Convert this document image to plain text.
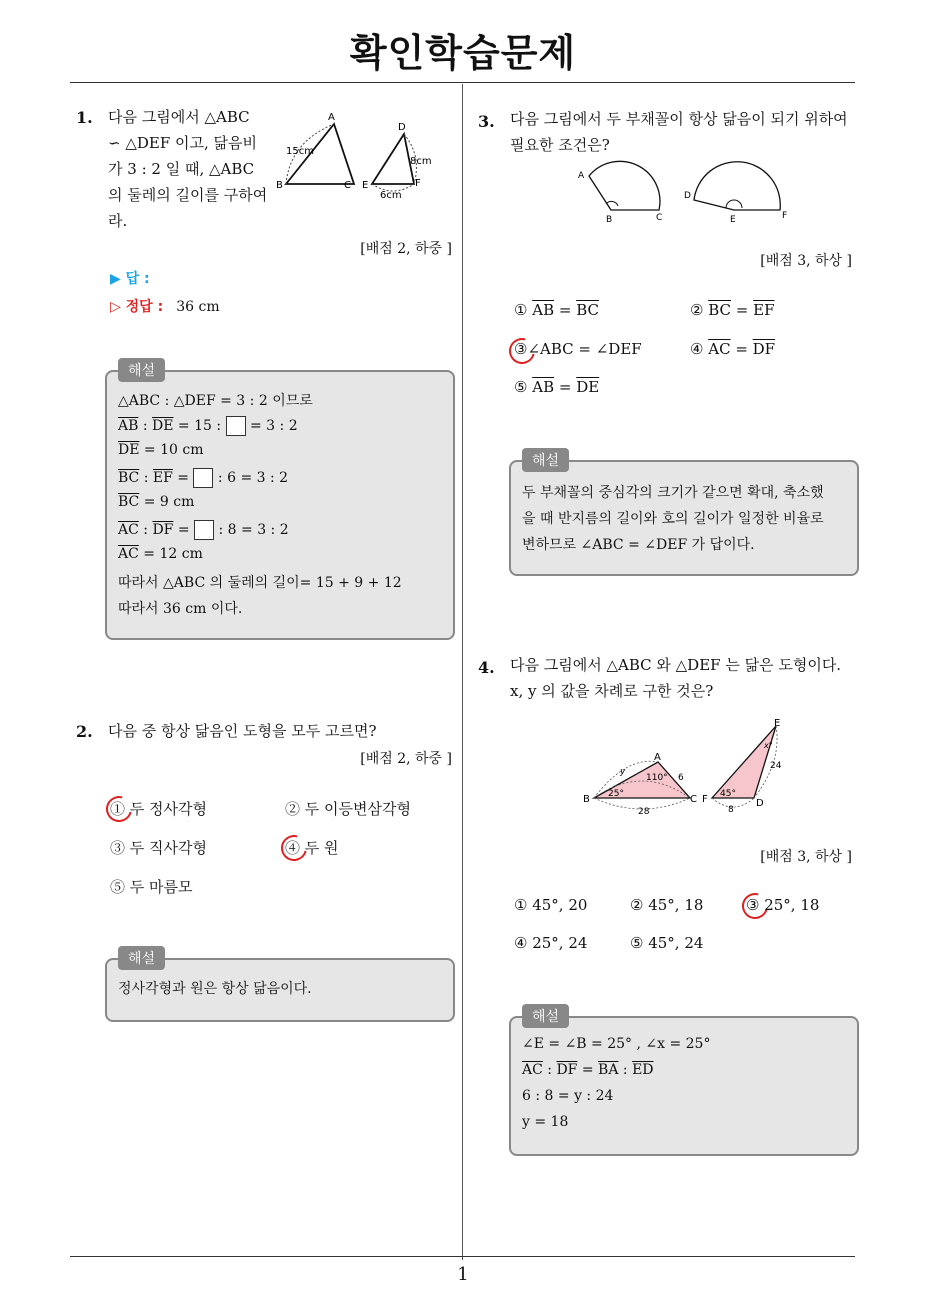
확인학습문제
1
1. 다음 그림에서 △ABC
∽ △DEF 이고, 닮음비
가 3 : 2 일 때, △ABC
의 둘레의 길이를 구하여
라.
A
B	C
D
E	F
15cm
8cm
6cm
[배점 2, 하중 ]
▶ 답 :
▷ 정답 : 36 cm
해설
△ABC : △DEF = 3 : 2 이므로
$\overline{AB}$ : $\overline{DE} = 15$ :  = 3 : 2
$\overline{DE} = 10$ cm
$\overline{BC}$ : $\overline{EF}$ =  : 6 = 3 : 2
$\overline{BC} = 9$ cm
$\overline{AC}$ : $\overline{DF}$ =  : 8 = 3 : 2
$\overline{AC} = 12$ cm
따라서 △ABC 의 둘레의 길이= 15 + 9 + 12
따라서 36 cm 이다.
2. 다음 중 항상 닮음인 도형을 모두 고르면?
[배점 2, 하중 ]
① 두 정사각형	② 두 이등변삼각형
③ 두 직사각형	④ 두 원
⑤ 두 마름모
해설
정사각형과 원은 항상 닮음이다.
3. 다음 그림에서 두 부채꼴이 항상 닮음이 되기 위하여
필요한 조건은?
A
B	C
D
E	F
[배점 3, 하상 ]
① $\overline{AB} = \overline{BC}$	② $\overline{BC} = \overline{EF}$
③∠ABC = ∠DEF	④ $\overline{AC} = \overline{DF}$
⑤ $\overline{AB} = \overline{DE}$
해설
두 부채꼴의 중심각의 크기가 같으면 확대, 축소했
을 때 반지름의 길이와 호의 길이가 일정한 비율로
변하므로 ∠ABC = ∠DEF 가 답이다.
4. 다음 그림에서 △ABC 와 △DEF 는 닮은 도형이다.
x, y 의 값을 차례로 구한 것은?
A
B	C	D
E
F
y
110° 6
25°
28
24
45°
8
x°
[배점 3, 하상 ]
① 45°, 20	② 45°, 18	③ 25°, 18
④ 25°, 24	⑤ 45°, 24
해설
∠E = ∠B = 25° , ∠x = 25°
$\overline{AC}$ : $\overline{DF} = \overline{BA}$ : $\overline{ED}$
6 : 8 = y : 24
y = 18
